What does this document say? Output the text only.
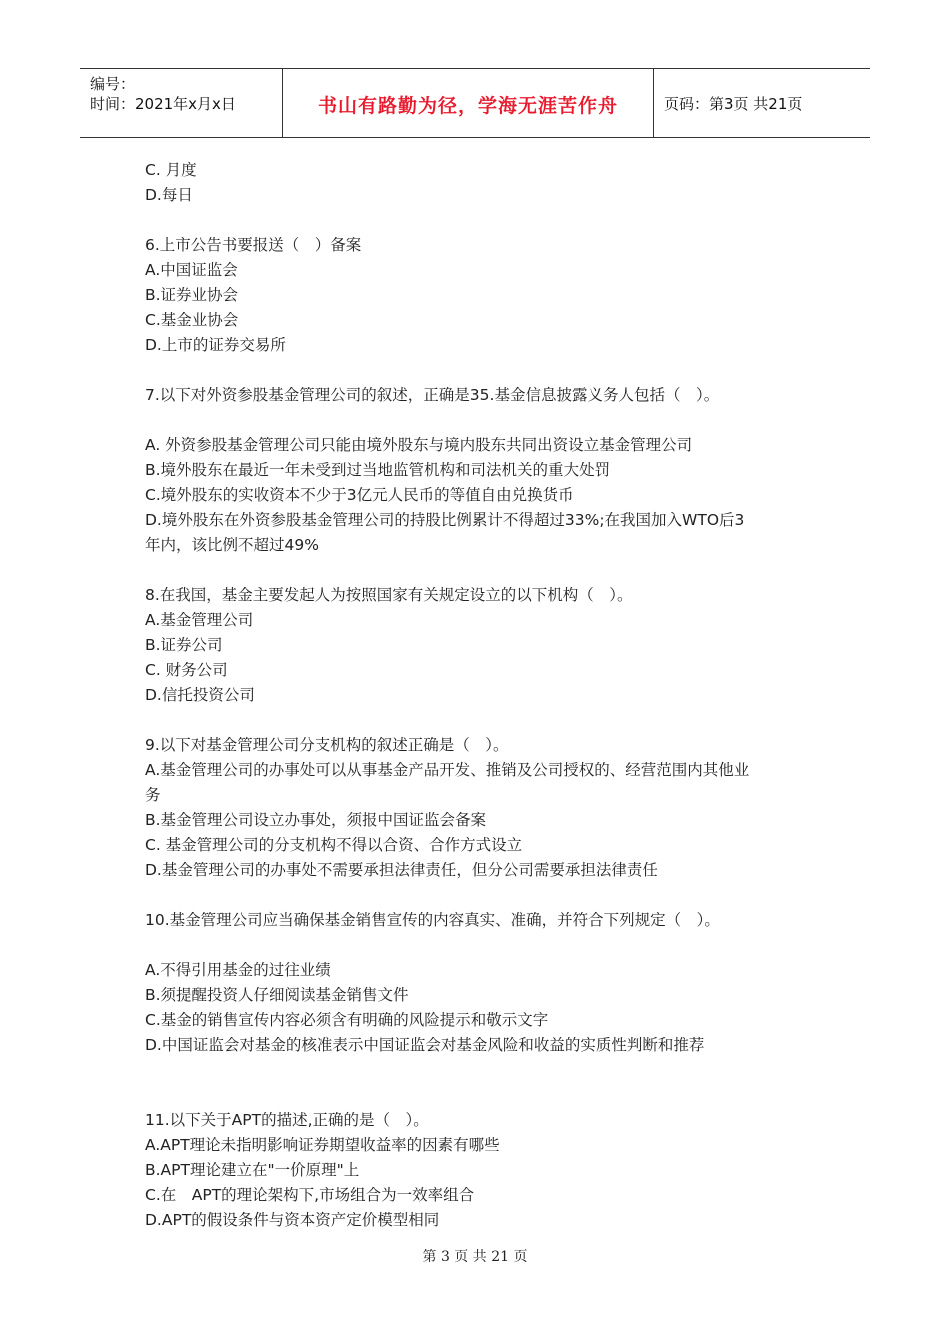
编号：
时间：2021年x月x日	书山有路勤为径，学海无涯苦作舟	页码：第3页 共21页
C. 月度
D.每日
6.上市公告书要报送（　）备案
A.中国证监会
B.证券业协会
C.基金业协会
D.上市的证券交易所
7.以下对外资参股基金管理公司的叙述，正确是35.基金信息披露义务人包括（　）。
A. 外资参股基金管理公司只能由境外股东与境内股东共同出资设立基金管理公司
B.境外股东在最近一年未受到过当地监管机构和司法机关的重大处罚
C.境外股东的实收资本不少于3亿元人民币的等值自由兑换货币
D.境外股东在外资参股基金管理公司的持股比例累计不得超过33%;在我国加入WTO后3
年内，该比例不超过49%
8.在我国，基金主要发起人为按照国家有关规定设立的以下机构（　）。
A.基金管理公司
B.证券公司
C. 财务公司
D.信托投资公司
9.以下对基金管理公司分支机构的叙述正确是（　）。
A.基金管理公司的办事处可以从事基金产品开发、推销及公司授权的、经营范围内其他业
务
B.基金管理公司设立办事处，须报中国证监会备案
C. 基金管理公司的分支机构不得以合资、合作方式设立
D.基金管理公司的办事处不需要承担法律责任，但分公司需要承担法律责任
10.基金管理公司应当确保基金销售宣传的内容真实、准确，并符合下列规定（　）。
A.不得引用基金的过往业绩
B.须提醒投资人仔细阅读基金销售文件
C.基金的销售宣传内容必须含有明确的风险提示和敬示文字
D.中国证监会对基金的核准表示中国证监会对基金风险和收益的实质性判断和推荐
11.以下关于APT的描述,正确的是（　）。
A.APT理论未指明影响证券期望收益率的因素有哪些
B.APT理论建立在"一价原理"上
C.在　APT的理论架构下,市场组合为一效率组合
D.APT的假设条件与资本资产定价模型相同
第 3 页 共 21 页
